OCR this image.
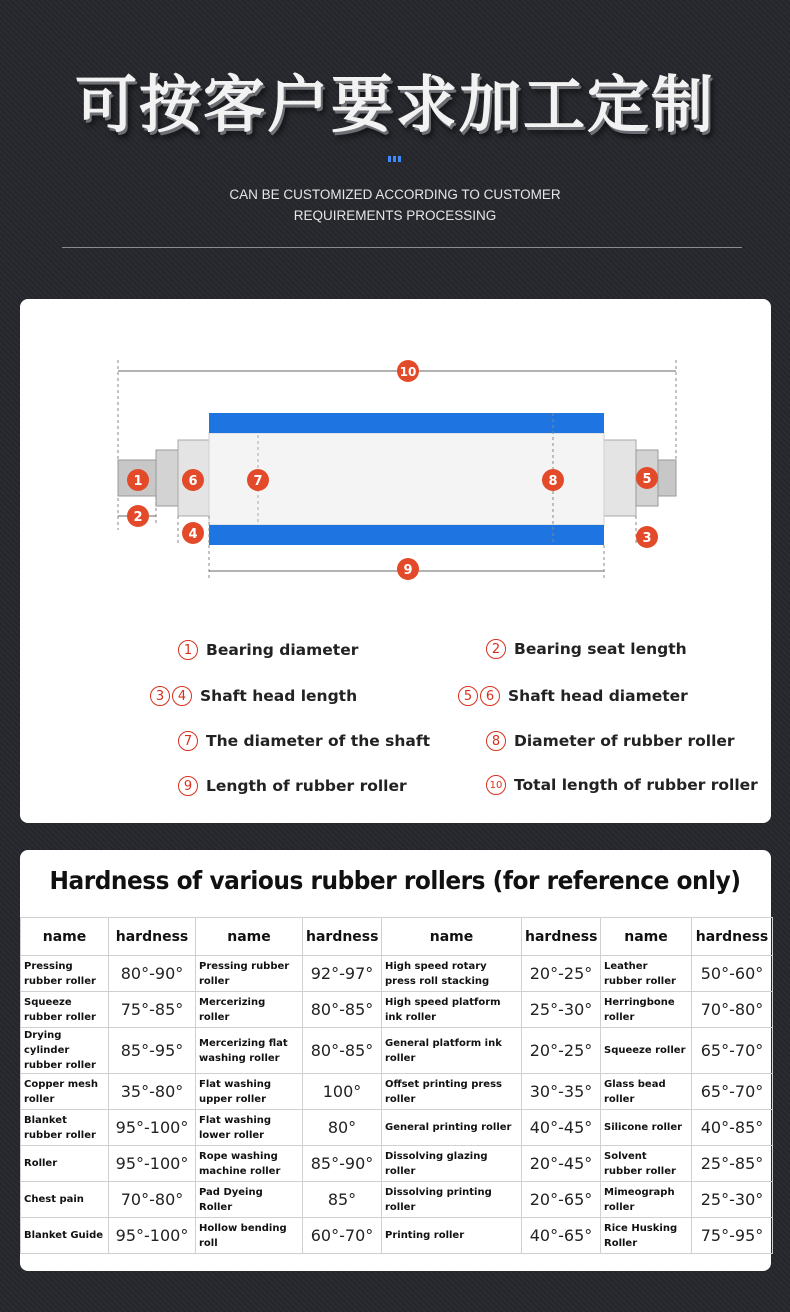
可按客户要求加工定制
CAN BE CUSTOMIZED ACCORDING TO CUSTOMER
REQUIREMENTS PROCESSING
10
1
2
6
4
7	8	5
3
9
1 Bearing diameter	2 Bearing seat length
3	4 Shaft head length	5	6 Shaft head diameter
7 The diameter of the shaft	8 Diameter of rubber roller
9 Length of rubber roller	10 Total length of rubber roller
Hardness of various rubber rollers (for reference only)
name	hardness	name	hardness	name	hardness	name	hardness
Pressing rubber roller	80°-90°	Pressing rubber roller	92°-97°	High speed rotary press roll stacking	20°-25°	Leather rubber roller	50°-60°
Squeeze rubber roller	75°-85°	Mercerizing roller	80°-85°	High speed platform ink roller	25°-30°	Herringbone roller	70°-80°
Drying cylinder rubber roller	85°-95°	Mercerizing flat washing roller	80°-85°	General platform ink roller	20°-25°	Squeeze roller	65°-70°
Copper mesh roller	35°-80°	Flat washing upper roller	100°	Offset printing press roller	30°-35°	Glass bead roller	65°-70°
Blanket rubber roller	95°-100°	Flat washing lower roller	80°	General printing roller	40°-45°	Silicone roller	40°-85°
Roller	95°-100°	Rope washing machine roller	85°-90°	Dissolving glazing roller	20°-45°	Solvent rubber roller	25°-85°
Chest pain	70°-80°	Pad Dyeing Roller	85°	Dissolving printing roller	20°-65°	Mimeograph roller	25°-30°
Blanket Guide	95°-100°	Hollow bending roll	60°-70°	Printing roller	40°-65°	Rice Husking Roller	75°-95°
